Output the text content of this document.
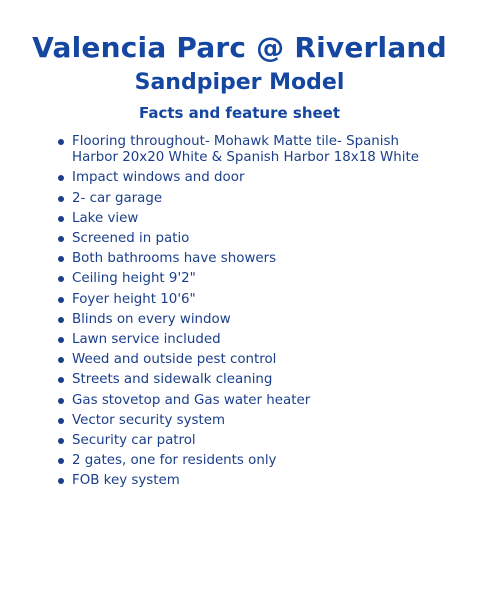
Valencia Parc @ Riverland
Sandpiper Model
Facts and feature sheet
Flooring throughout- Mohawk Matte tile- Spanish Harbor 20x20 White & Spanish Harbor 18x18 White
Impact windows and door
2- car garage
Lake view
Screened in patio
Both bathrooms have showers
Ceiling height 9'2"
Foyer height 10'6"
Blinds on every window
Lawn service included
Weed and outside pest control
Streets and sidewalk cleaning
Gas stovetop and Gas water heater
Vector security system
Security car patrol
2 gates, one for residents only
FOB key system
